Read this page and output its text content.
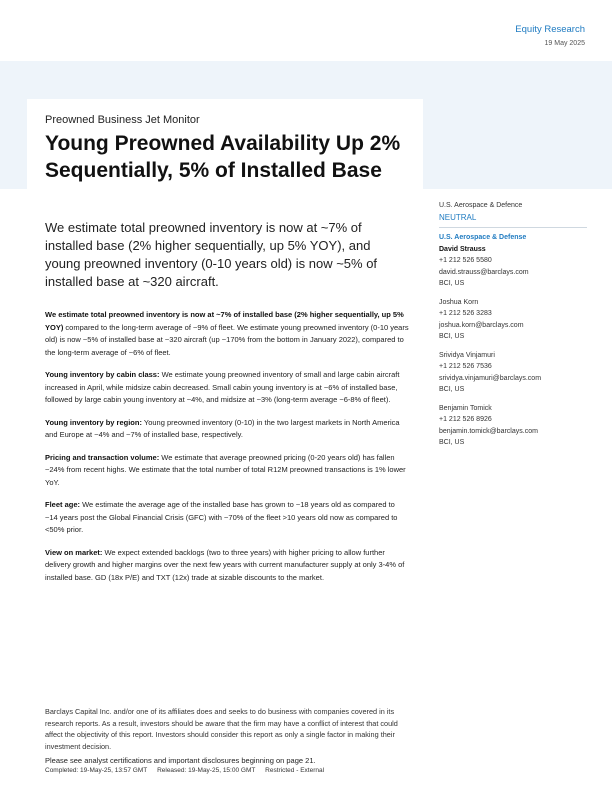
Equity Research
19 May 2025
Preowned Business Jet Monitor
Young Preowned Availability Up 2% Sequentially, 5% of Installed Base

We estimate total preowned inventory is now at ~7% of installed base (2% higher sequentially, up 5% YOY), and young preowned inventory (0-10 years old) is now ~5% of installed base at ~320 aircraft.

We estimate total preowned inventory is now at ~7% of installed base (2% higher sequentially, up 5% YOY) compared to the long-term average of ~9% of fleet. We estimate young preowned inventory (0-10 years old) is now ~5% of installed base at ~320 aircraft (up ~170% from the bottom in January 2022), compared to the long-term average of ~6% of fleet.

Young inventory by cabin class: We estimate young preowned inventory of small and large cabin aircraft increased in April, while midsize cabin decreased. Small cabin young inventory is at ~6% of installed base, followed by large cabin young inventory at ~4%, and midsize at ~3% (long-term average ~6-8% of fleet).

Young inventory by region: Young preowned inventory (0-10) in the two largest markets in North America and Europe at ~4% and ~7% of installed base, respectively.

Pricing and transaction volume: We estimate that average preowned pricing (0-20 years old) has fallen ~24% from recent highs. We estimate that the total number of total R12M preowned transactions is 1% lower YoY.

Fleet age: We estimate the average age of the installed base has grown to ~18 years old as compared to ~14 years post the Global Financial Crisis (GFC) with ~70% of the fleet >10 years old now as compared to <50% prior.

View on market: We expect extended backlogs (two to three years) with higher pricing to allow further delivery growth and higher margins over the next few years with current manufacturer supply at only 3-4% of installed base. GD (18x P/E) and TXT (12x) trade at sizable discounts to the market.

U.S. Aerospace & Defence
NEUTRAL
U.S. Aerospace & Defense
David Strauss
+1 212 526 5580
david.strauss@barclays.com
BCI, US
Joshua Korn
+1 212 526 3283
joshua.korn@barclays.com
BCI, US
Srividya Vinjamuri
+1 212 526 7536
srividya.vinjamuri@barclays.com
BCI, US
Benjamin Tomick
+1 212 526 8926
benjamin.tomick@barclays.com
BCI, US

Barclays Capital Inc. and/or one of its affiliates does and seeks to do business with companies covered in its research reports. As a result, investors should be aware that the firm may have a conflict of interest that could affect the objectivity of this report. Investors should consider this report as only a single factor in making their investment decision.

Please see analyst certifications and important disclosures beginning on page 21.
Completed: 19-May-25, 13:57 GMT Released: 19-May-25, 15:00 GMT Restricted - External
